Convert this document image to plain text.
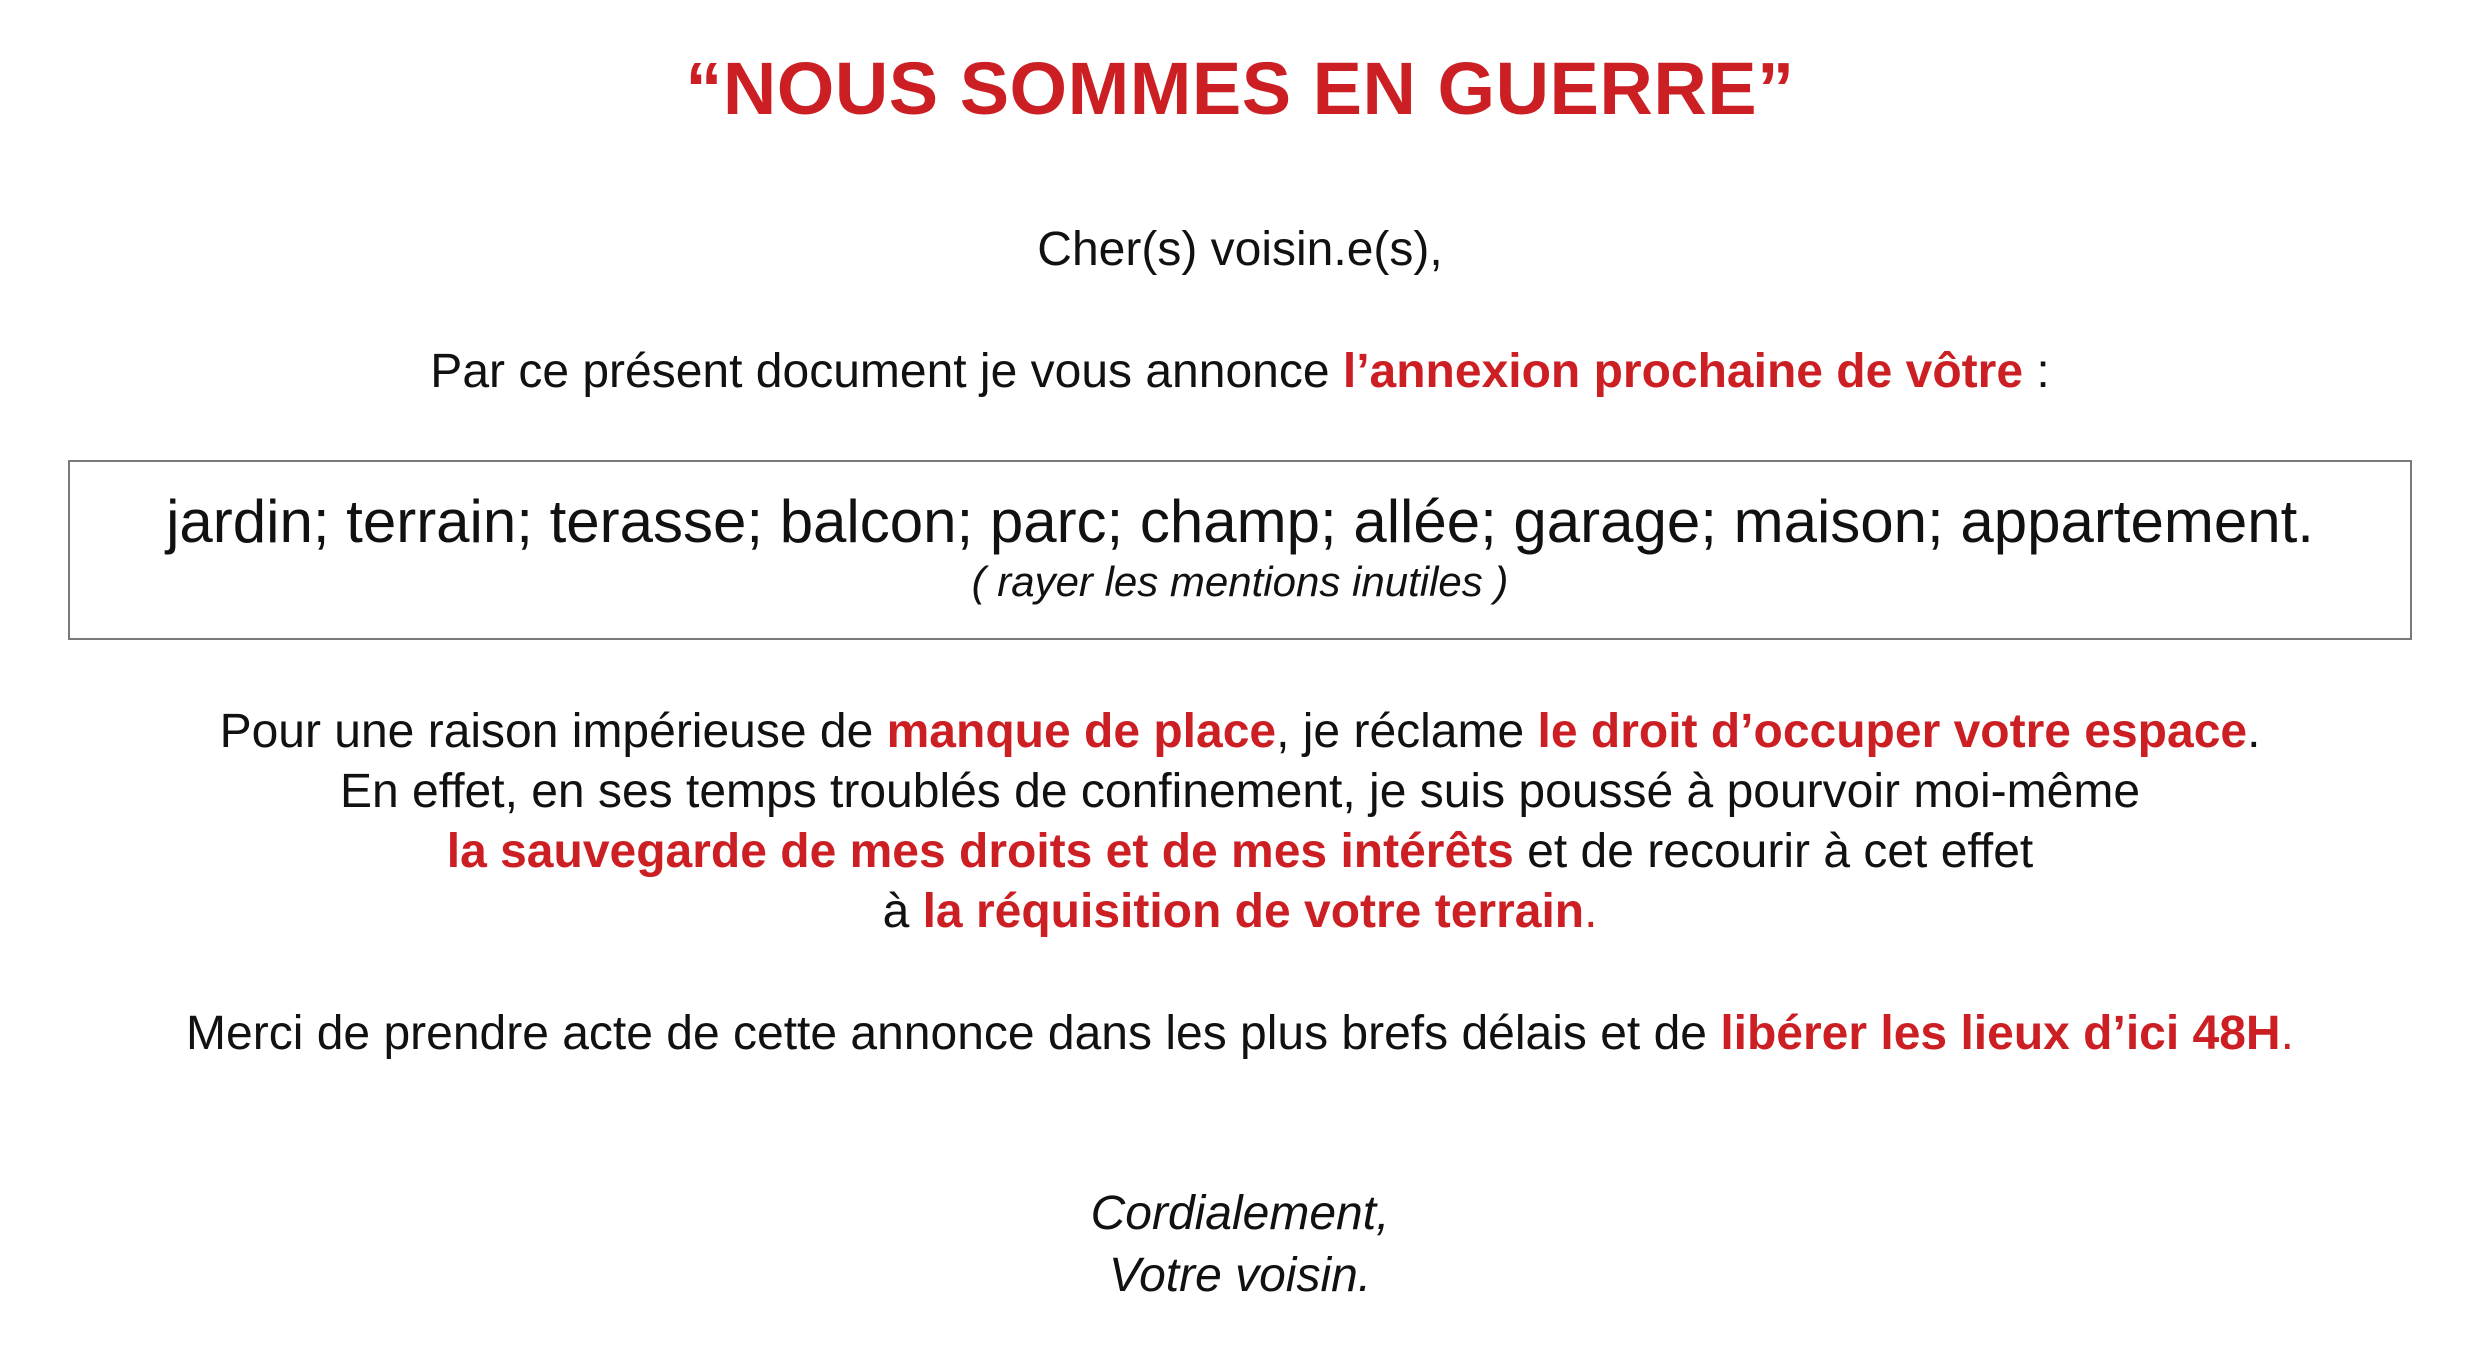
“NOUS SOMMES EN GUERRE”
Cher(s) voisin.e(s),
Par ce présent document je vous annonce l’annexion prochaine de vôtre :
jardin; terrain; terasse; balcon; parc; champ; allée; garage; maison; appartement.
( rayer les mentions inutiles )
Pour une raison impérieuse de manque de place, je réclame le droit d’occuper votre espace.
En effet, en ses temps troublés de confinement, je suis poussé à pourvoir moi-même
la sauvegarde de mes droits et de mes intérêts et de recourir à cet effet
à la réquisition de votre terrain.
Merci de prendre acte de cette annonce dans les plus brefs délais et de libérer les lieux d’ici 48H.
Cordialement,
Votre voisin.
